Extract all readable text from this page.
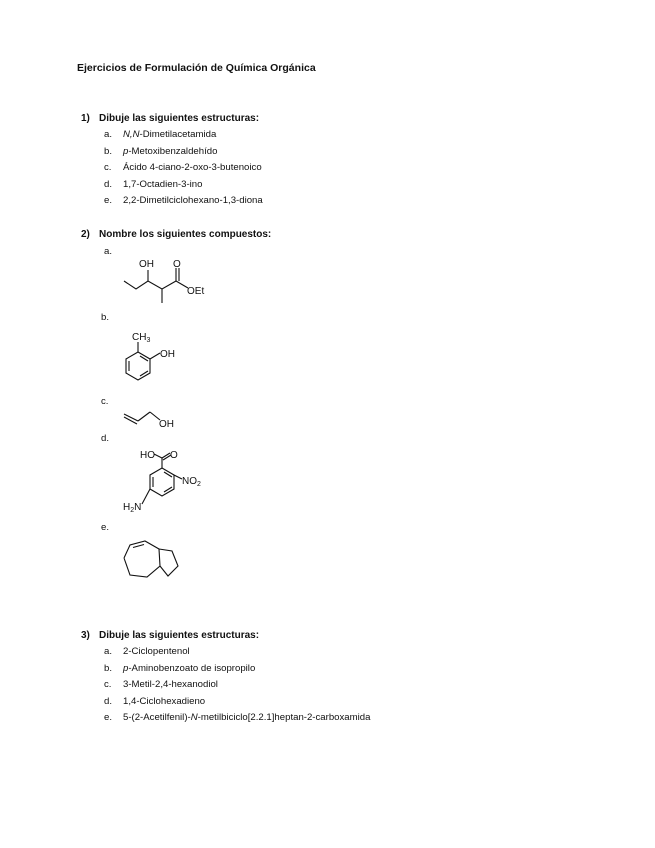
Ejercicios de Formulación de Química Orgánica
1) Dibuje las siguientes estructuras:
a. N,N-Dimetilacetamida
b. p-Metoxibenzaldehído
c. Ácido 4-ciano-2-oxo-3-butenoico
d. 1,7-Octadien-3-ino
e. 2,2-Dimetilciclohexano-1,3-diona
2) Nombre los siguientes compuestos:
a.
OH O
OEt
b.
$CH_3$
OH
c.
OH
d.
HO O
$NO_2$
$H_2N$
e.
3) Dibuje las siguientes estructuras:
a. 2-Ciclopentenol
b. p-Aminobenzoato de isopropilo
c. 3-Metil-2,4-hexanodiol
d. 1,4-Ciclohexadieno
e. 5-(2-Acetilfenil)-N-metilbiciclo[2.2.1]heptan-2-carboxamida
